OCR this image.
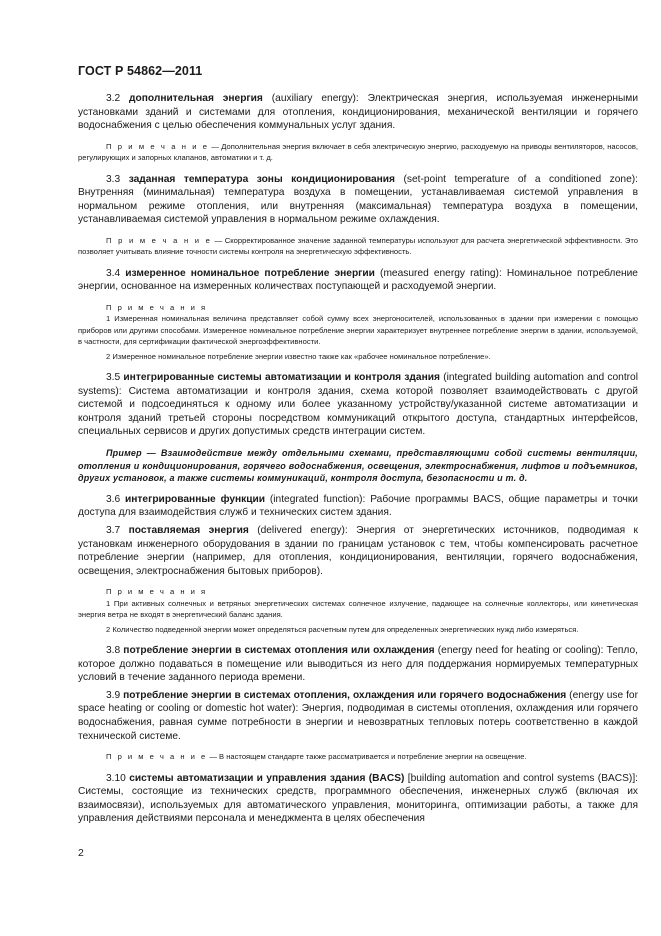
ГОСТ Р 54862—2011

3.2 дополнительная энергия (auxiliary energy): Электрическая энергия, используемая инженерными установками зданий и системами для отопления, кондиционирования, механической вентиляции и горячего водоснабжения с целью обеспечения коммунальных услуг здания.

П р и м е ч а н и е — Дополнительная энергия включает в себя электрическую энергию, расходуемую на приводы вентиляторов, насосов, регулирующих и запорных клапанов, автоматики и т. д.

3.3 заданная температура зоны кондиционирования (set-point temperature of a conditioned zone): Внутренняя (минимальная) температура воздуха в помещении, устанавливаемая системой управления в нормальном режиме отопления, или внутренняя (максимальная) температура воздуха в помещении, устанавливаемая системой управления в нормальном режиме охлаждения.

П р и м е ч а н и е — Скорректированное значение заданной температуры используют для расчета энергетической эффективности. Это позволяет учитывать влияние точности системы контроля на энергетическую эффективность.

3.4 измеренное номинальное потребление энергии (measured energy rating): Номинальное потребление энергии, основанное на измеренных количествах поступающей и расходуемой энергии.

П р и м е ч а н и я
1 Измеренная номинальная величина представляет собой сумму всех энергоносителей, использованных в здании при измерении с помощью приборов или другими способами. Измеренное номинальное потребление энергии характеризует внутреннее потребление энергии в здании, используемой, в частности, для сертификации фактической энергоэффективности.
2 Измеренное номинальное потребление энергии известно также как «рабочее номинальное потребление».

3.5 интегрированные системы автоматизации и контроля здания (integrated building automation and control systems): Система автоматизации и контроля здания, схема которой позволяет взаимодействовать с другой системой и подсоединяться к одному или более указанному устройству/указанной системе автоматизации и контроля зданий третьей стороны посредством коммуникаций открытого доступа, стандартных интерфейсов, специальных сервисов и других допустимых средств интеграции систем.

Пример — Взаимодействие между отдельными схемами, представляющими собой системы вентиляции, отопления и кондиционирования, горячего водоснабжения, освещения, электроснабжения, лифтов и подъемников, других установок, а также системы коммуникаций, контроля доступа, безопасности и т. д.

3.6 интегрированные функции (integrated function): Рабочие программы BACS, общие параметры и точки доступа для взаимодействия служб и технических систем здания.

3.7 поставляемая энергия (delivered energy): Энергия от энергетических источников, подводимая к установкам инженерного оборудования в здании по границам установок с тем, чтобы компенсировать расчетное потребление энергии (например, для отопления, кондиционирования, вентиляции, горячего водоснабжения, освещения, электроснабжения бытовых приборов).

П р и м е ч а н и я
1 При активных солнечных и ветряных энергетических системах солнечное излучение, падающее на солнечные коллекторы, или кинетическая энергия ветра не входят в энергетический баланс здания.
2 Количество подведенной энергии может определяться расчетным путем для определенных энергетических нужд либо измеряться.

3.8 потребление энергии в системах отопления или охлаждения (energy need for heating or cooling): Тепло, которое должно подаваться в помещение или выводиться из него для поддержания нормируемых температурных условий в течение заданного периода времени.

3.9 потребление энергии в системах отопления, охлаждения или горячего водоснабжения (energy use for space heating or cooling or domestic hot water): Энергия, подводимая в системы отопления, охлаждения или горячего водоснабжения, равная сумме потребности в энергии и невозвратных тепловых потерь соответственно в каждой технической системе.

П р и м е ч а н и е — В настоящем стандарте также рассматривается и потребление энергии на освещение.

3.10 системы автоматизации и управления здания (BACS) [building automation and control systems (BACS)]: Системы, состоящие из технических средств, программного обеспечения, инженерных служб (включая их взаимосвязи), используемых для автоматического управления, мониторинга, оптимизации работы, а также для управления действиями персонала и менеджмента в целях обеспечения

2
